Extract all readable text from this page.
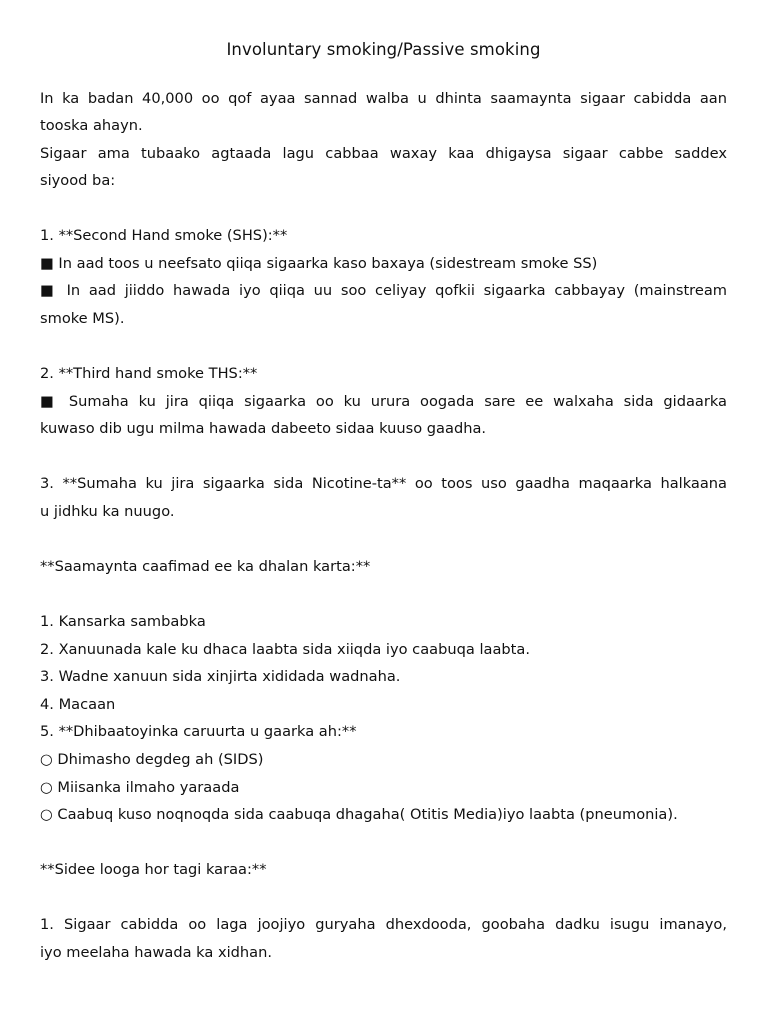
Involuntary smoking/Passive smoking
In ka badan 40,000 oo qof ayaa sannad walba u dhinta saamaynta sigaar cabidda aan
tooska ahayn.
Sigaar ama tubaako agtaada lagu cabbaa waxay kaa dhigaysa sigaar cabbe saddex
siyood ba:
1. **Second Hand smoke (SHS):**
■ In aad toos u neefsato qiiqa sigaarka kaso baxaya (sidestream smoke SS)
■ In aad jiiddo hawada iyo qiiqa uu soo celiyay qofkii sigaarka cabbayay (mainstream
smoke MS).
2. **Third hand smoke THS:**
■ Sumaha ku jira qiiqa sigaarka oo ku urura oogada sare ee walxaha sida gidaarka
kuwaso dib ugu milma hawada dabeeto sidaa kuuso gaadha.
3. **Sumaha ku jira sigaarka sida Nicotine-ta** oo toos uso gaadha maqaarka halkaana
u jidhku ka nuugo.
**Saamaynta caafimad ee ka dhalan karta:**
1. Kansarka sambabka
2. Xanuunada kale ku dhaca laabta sida xiiqda iyo caabuqa laabta.
3. Wadne xanuun sida xinjirta xididada wadnaha.
4. Macaan
5. **Dhibaatoyinka caruurta u gaarka ah:**
○ Dhimasho degdeg ah (SIDS)
○ Miisanka ilmaho yaraada
○ Caabuq kuso noqnoqda sida caabuqa dhagaha( Otitis Media)iyo laabta (pneumonia).
**Sidee looga hor tagi karaa:**
1. Sigaar cabidda oo laga joojiyo guryaha dhexdooda, goobaha dadku isugu imanayo,
iyo meelaha hawada ka xidhan.
